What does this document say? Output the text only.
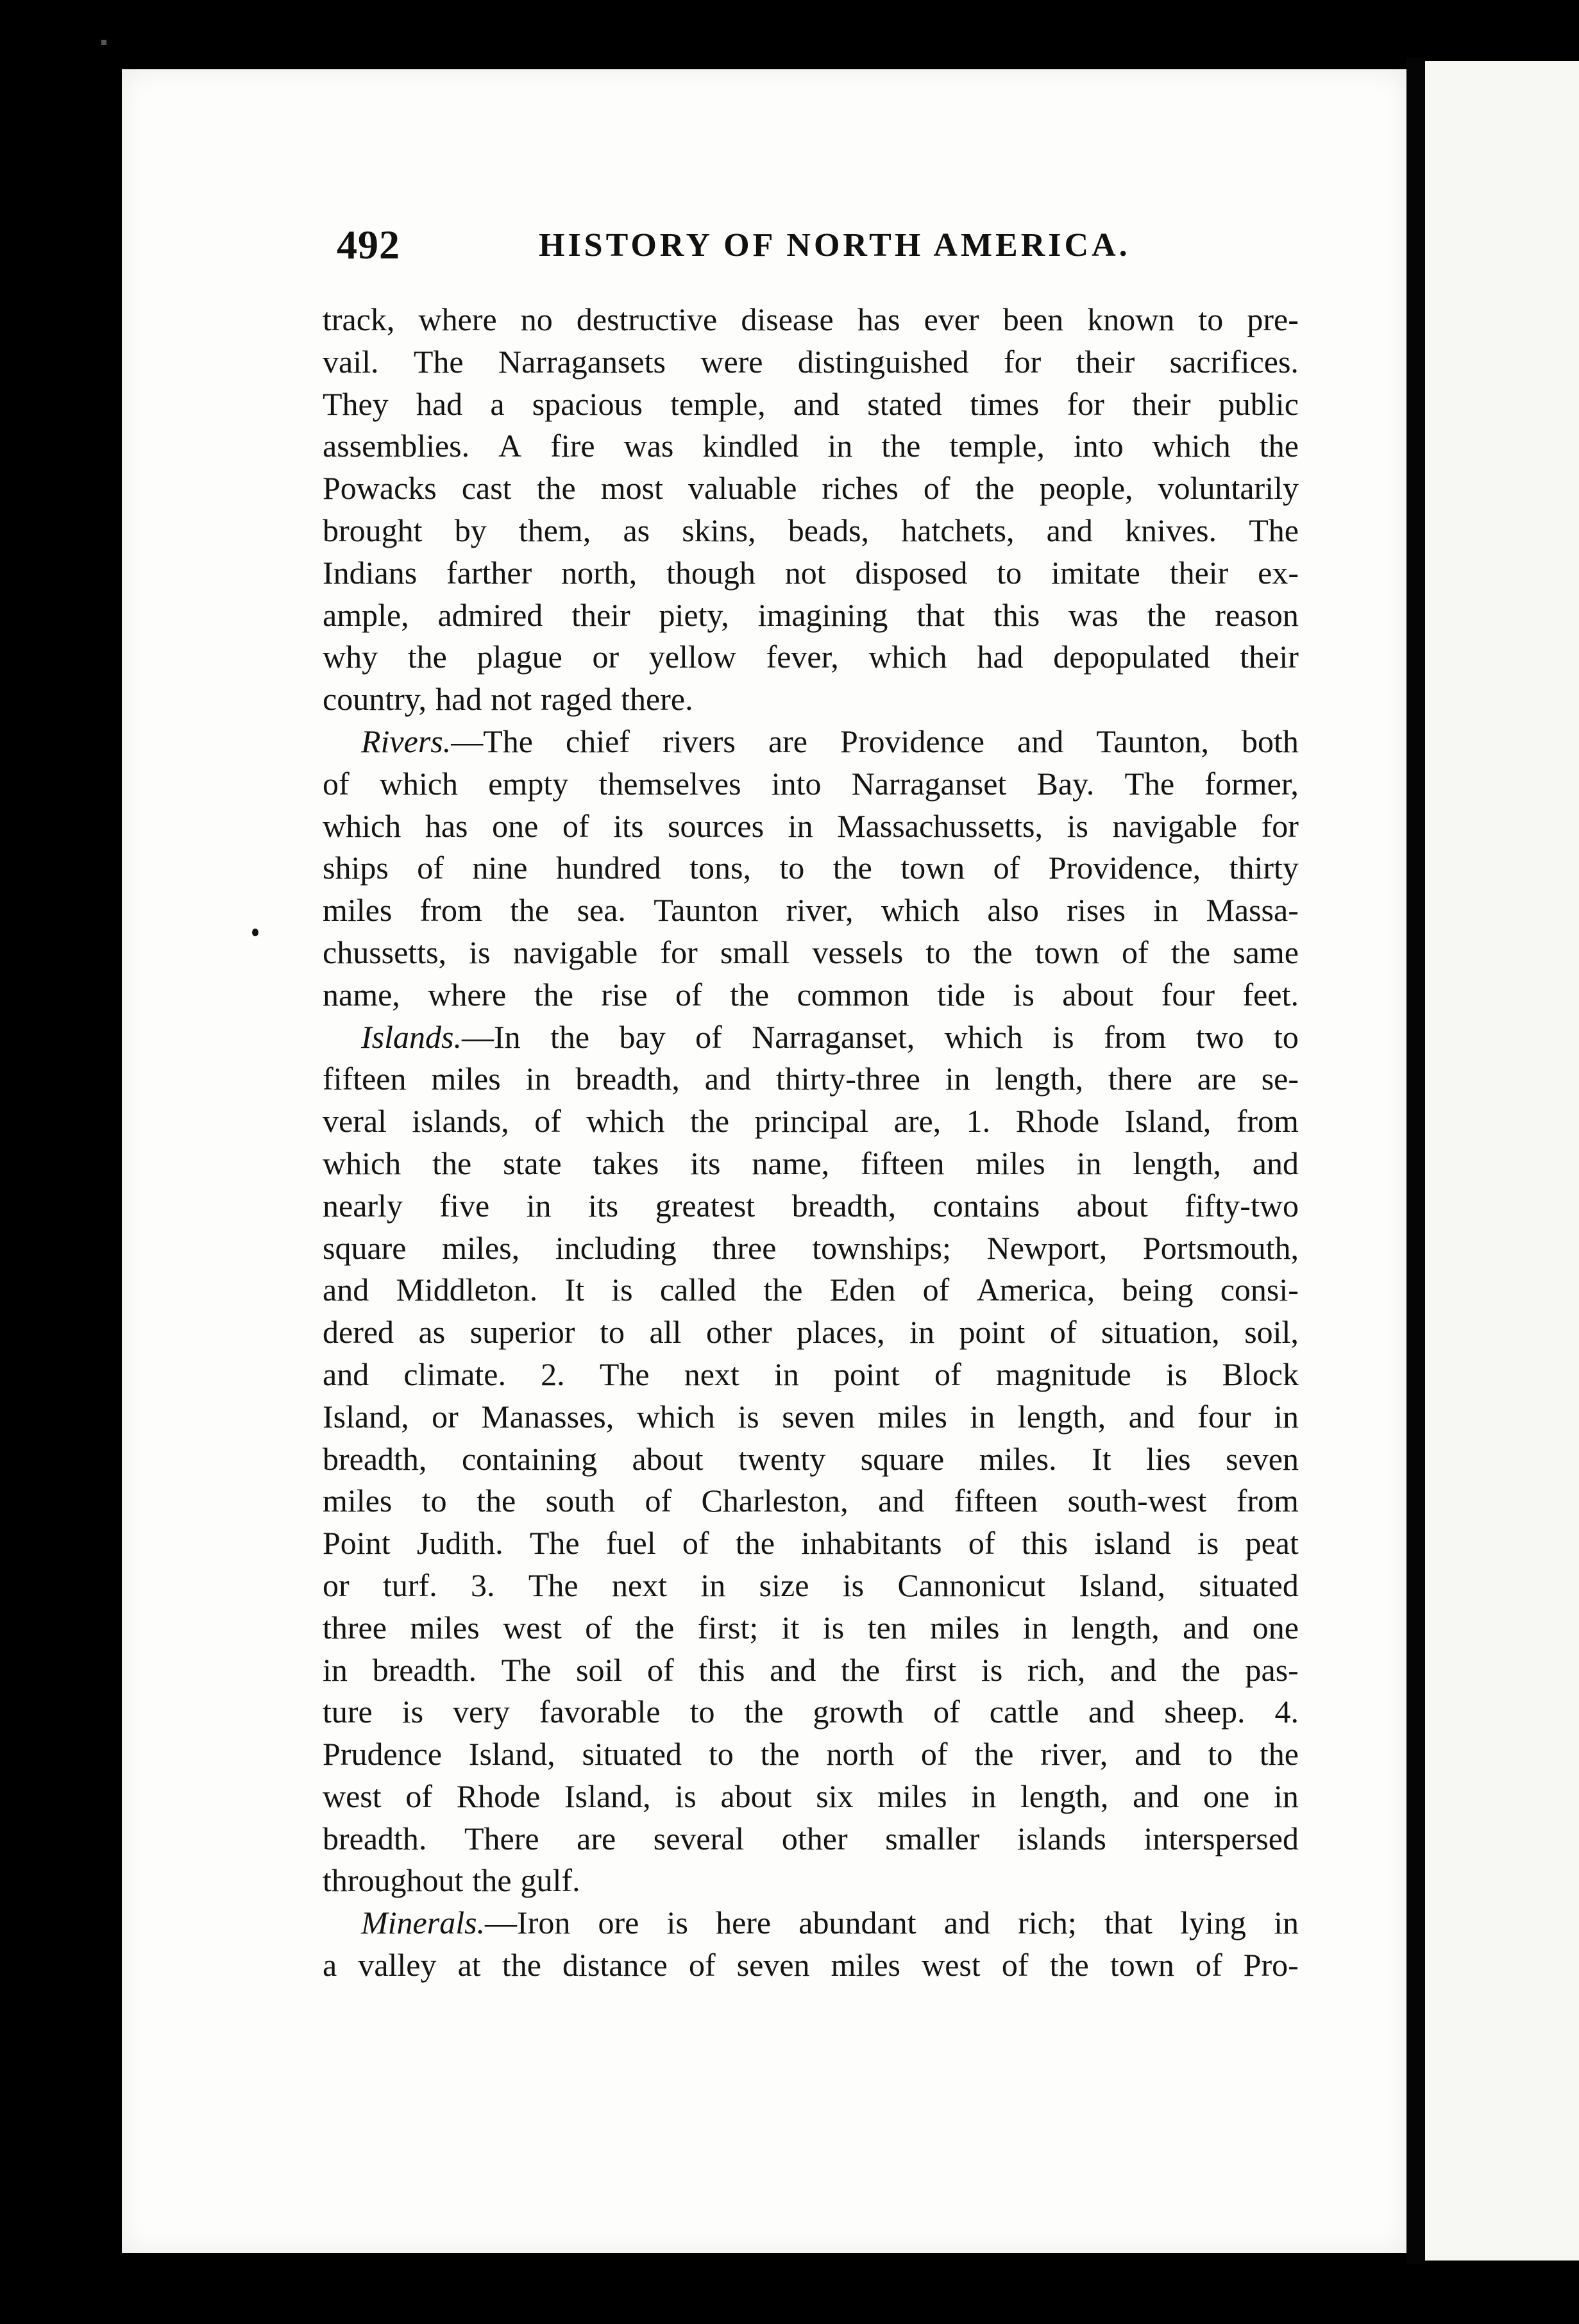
492	HISTORY OF NORTH AMERICA.
track, where no destructive disease has ever been known to pre-
vail. The Narragansets were distinguished for their sacrifices.
They had a spacious temple, and stated times for their public
assemblies. A fire was kindled in the temple, into which the
Powacks cast the most valuable riches of the people, voluntarily
brought by them, as skins, beads, hatchets, and knives. The
Indians farther north, though not disposed to imitate their ex-
ample, admired their piety, imagining that this was the reason
why the plague or yellow fever, which had depopulated their
country, had not raged there.
Rivers.—The chief rivers are Providence and Taunton, both
of which empty themselves into Narraganset Bay. The former,
which has one of its sources in Massachussetts, is navigable for
ships of nine hundred tons, to the town of Providence, thirty
miles from the sea. Taunton river, which also rises in Massa-
chussetts, is navigable for small vessels to the town of the same
name, where the rise of the common tide is about four feet.
Islands.—In the bay of Narraganset, which is from two to
fifteen miles in breadth, and thirty-three in length, there are se-
veral islands, of which the principal are, 1. Rhode Island, from
which the state takes its name, fifteen miles in length, and
nearly five in its greatest breadth, contains about fifty-two
square miles, including three townships; Newport, Portsmouth,
and Middleton. It is called the Eden of America, being consi-
dered as superior to all other places, in point of situation, soil,
and climate. 2. The next in point of magnitude is Block
Island, or Manasses, which is seven miles in length, and four in
breadth, containing about twenty square miles. It lies seven
miles to the south of Charleston, and fifteen south-west from
Point Judith. The fuel of the inhabitants of this island is peat
or turf. 3. The next in size is Cannonicut Island, situated
three miles west of the first; it is ten miles in length, and one
in breadth. The soil of this and the first is rich, and the pas-
ture is very favorable to the growth of cattle and sheep. 4.
Prudence Island, situated to the north of the river, and to the
west of Rhode Island, is about six miles in length, and one in
breadth. There are several other smaller islands interspersed
throughout the gulf.
Minerals.—Iron ore is here abundant and rich; that lying in
a valley at the distance of seven miles west of the town of Pro-
